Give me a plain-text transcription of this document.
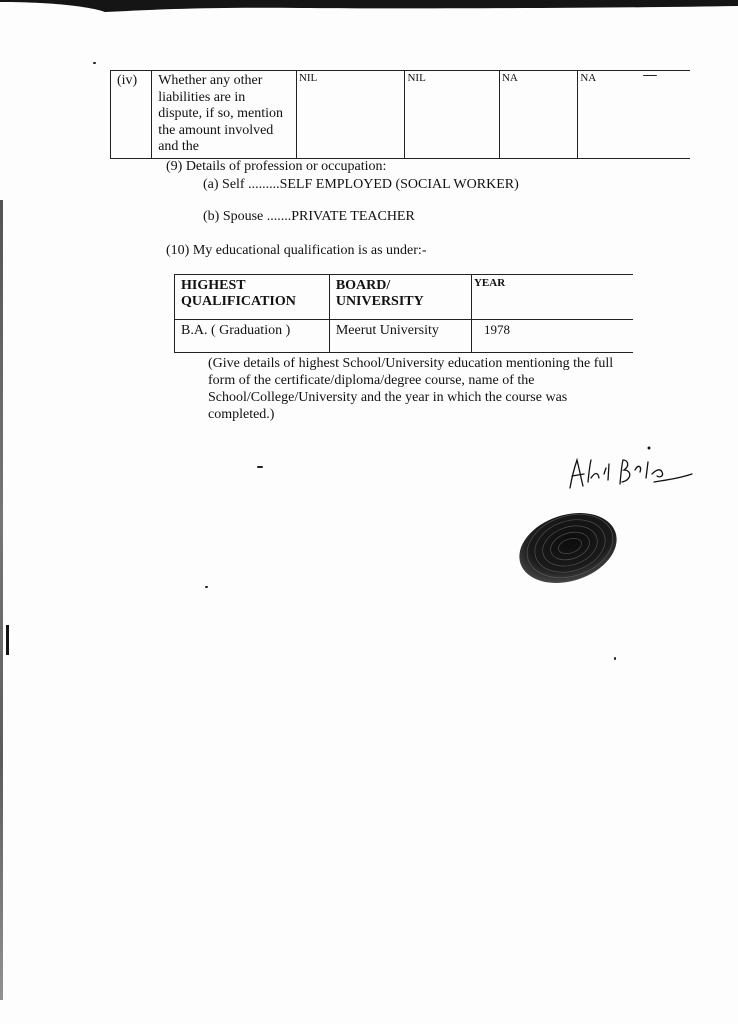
(iv)	Whether any other liabilities are in dispute, if so, mention the amount involved and the	NIL	NIL	NA	NA
(9) Details of profession or occupation:
(a) Self .........SELF EMPLOYED (SOCIAL WORKER)
(b) Spouse .......PRIVATE TEACHER
(10) My educational qualification is as under:-
HIGHEST QUALIFICATION	BOARD/ UNIVERSITY	YEAR
B.A. ( Graduation )	Meerut University	1978
(Give details of highest School/University education mentioning the full form of the certificate/diploma/degree course, name of the School/College/University and the year in which the course was completed.)
